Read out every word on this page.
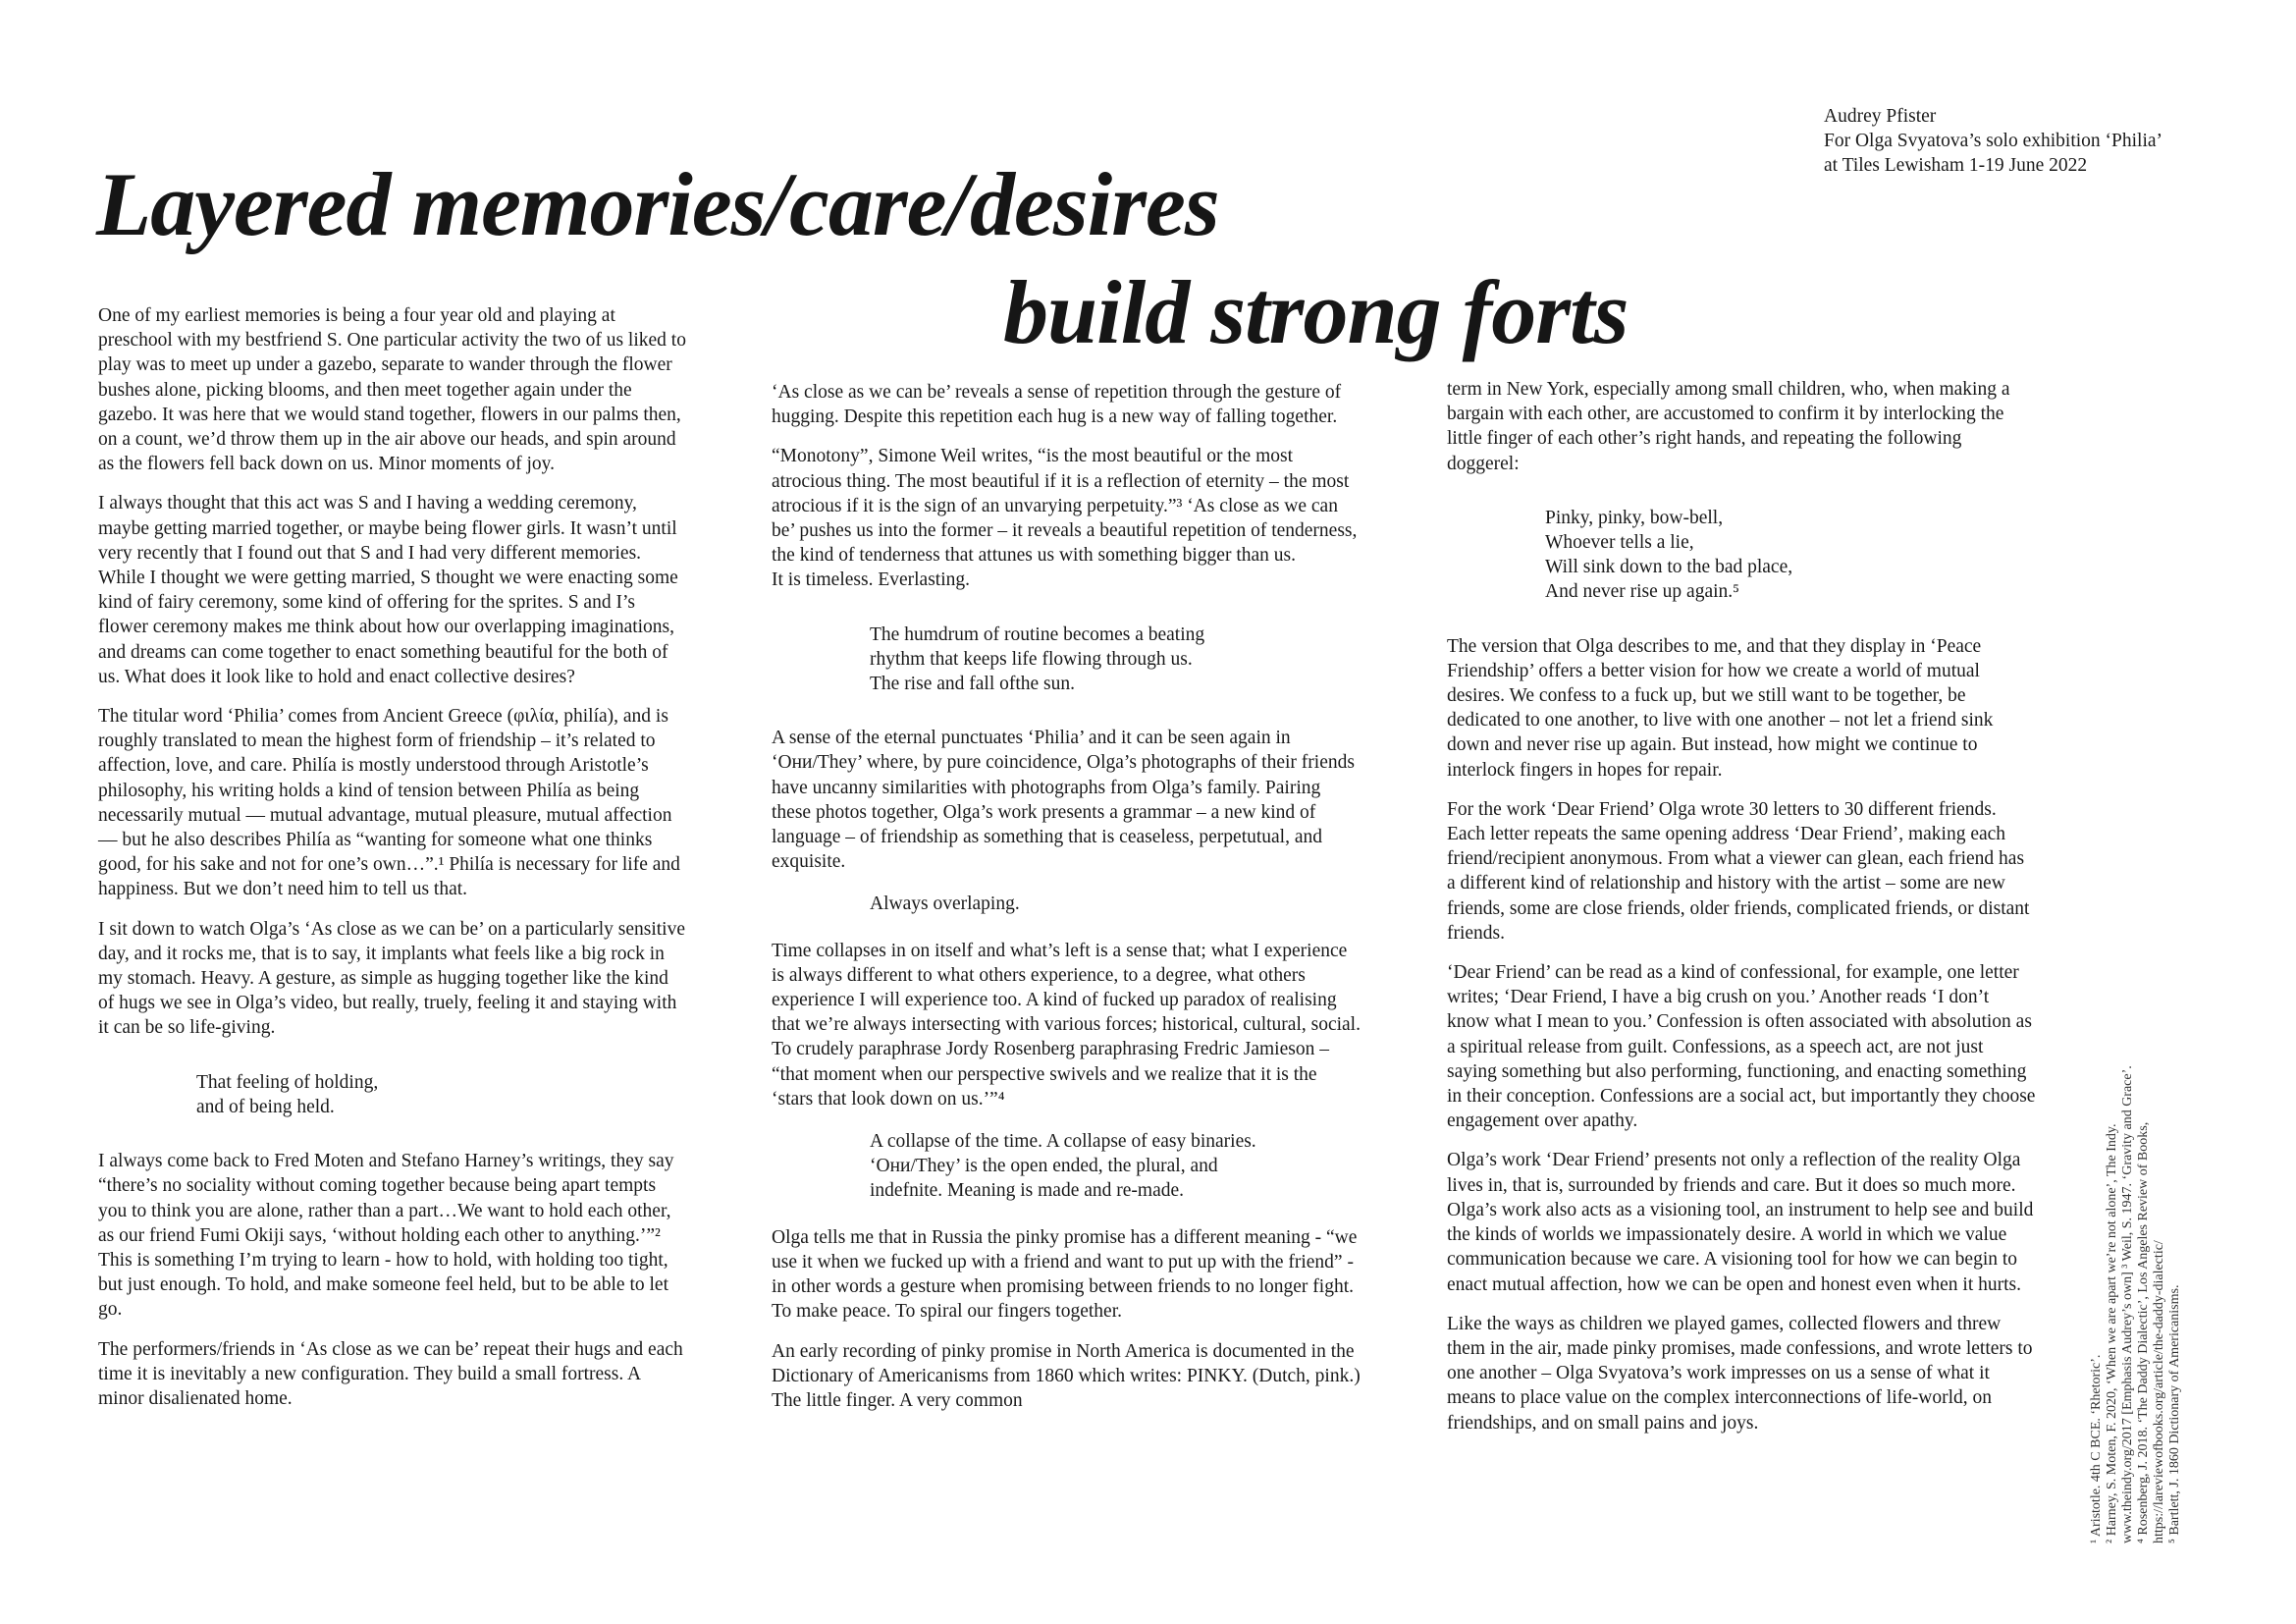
Layered memories/care/desires
build strong forts
Audrey Pfister
For Olga Svyatova’s solo exhibition ‘Philia’
at Tiles Lewisham 1-19 June 2022

One of my earliest memories is being a four year old and playing at preschool with my bestfriend S. One particular activity the two of us liked to play was to meet up under a gazebo, separate to wander through the flower bushes alone, picking blooms, and then meet together again under the gazebo. It was here that we would stand together, flowers in our palms then, on a count, we’d throw them up in the air above our heads, and spin around as the flowers fell back down on us. Minor moments of joy.

I always thought that this act was S and I having a wedding ceremony, maybe getting married together, or maybe being flower girls. It wasn’t until very recently that I found out that S and I had very different memories. While I thought we were getting married, S thought we were enacting some kind of fairy ceremony, some kind of offering for the sprites. S and I’s flower ceremony makes me think about how our overlapping imaginations, and dreams can come together to enact something beautiful for the both of us. What does it look like to hold and enact collective desires?

The titular word ‘Philia’ comes from Ancient Greece (φιλία, philía), and is roughly translated to mean the highest form of friendship – it’s related to affection, love, and care. Philía is mostly understood through Aristotle’s philosophy, his writing holds a kind of tension between Philía as being necessarily mutual — mutual advantage, mutual pleasure, mutual affection — but he also describes Philía as “wanting for someone what one thinks good, for his sake and not for one’s own…”.¹ Philía is necessary for life and happiness. But we don’t need him to tell us that.

I sit down to watch Olga’s ‘As close as we can be’ on a particularly sensitive day, and it rocks me, that is to say, it implants what feels like a big rock in my stomach. Heavy. A gesture, as simple as hugging together like the kind of hugs we see in Olga’s video, but really, truely, feeling it and staying with it can be so life-giving.

That feeling of holding,
and of being held.

I always come back to Fred Moten and Stefano Harney’s writings, they say “there’s no sociality without coming together because being apart tempts you to think you are alone, rather than a part…We want to hold each other, as our friend Fumi Okiji says, ‘without holding each other to anything.’”² This is something I’m trying to learn - how to hold, with holding too tight, but just enough. To hold, and make someone feel held, but to be able to let go.

The performers/friends in ‘As close as we can be’ repeat their hugs and each time it is inevitably a new configuration. They build a small fortress. A minor disalienated home.

‘As close as we can be’ reveals a sense of repetition through the gesture of hugging. Despite this repetition each hug is a new way of falling together.

“Monotony”, Simone Weil writes, “is the most beautiful or the most atrocious thing. The most beautiful if it is a reflection of eternity – the most atrocious if it is the sign of an unvarying perpetuity.”³ ‘As close as we can be’ pushes us into the former – it reveals a beautiful repetition of tenderness, the kind of tenderness that attunes us with something bigger than us.
It is timeless. Everlasting.

The humdrum of routine becomes a beating
rhythm that keeps life flowing through us.
The rise and fall ofthe sun.

A sense of the eternal punctuates ‘Philia’ and it can be seen again in ‘Они/They’ where, by pure coincidence, Olga’s photographs of their friends have uncanny similarities with photographs from Olga’s family. Pairing these photos together, Olga’s work presents a grammar – a new kind of language – of friendship as something that is ceaseless, perpetutual, and exquisite.

Always overlaping.

Time collapses in on itself and what’s left is a sense that; what I experience is always different to what others experience, to a degree, what others experience I will experience too. A kind of fucked up paradox of realising that we’re always intersecting with various forces; historical, cultural, social. To crudely paraphrase Jordy Rosenberg paraphrasing Fredric Jamieson – “that moment when our perspective swivels and we realize that it is the ‘stars that look down on us.’”⁴

A collapse of the time. A collapse of easy binaries.
‘Они/They’ is the open ended, the plural, and
indefnite. Meaning is made and re-made.

Olga tells me that in Russia the pinky promise has a different meaning - “we use it when we fucked up with a friend and want to put up with the friend” - in other words a gesture when promising between friends to no longer fight. To make peace. To spiral our fingers together.

An early recording of pinky promise in North America is documented in the Dictionary of Americanisms from 1860 which writes: PINKY. (Dutch, pink.) The little finger. A very common

term in New York, especially among small children, who, when making a bargain with each other, are accustomed to confirm it by interlocking the little finger of each other’s right hands, and repeating the following doggerel:

Pinky, pinky, bow-bell,
Whoever tells a lie,
Will sink down to the bad place,
And never rise up again.⁵

The version that Olga describes to me, and that they display in ‘Peace Friendship’ offers a better vision for how we create a world of mutual desires. We confess to a fuck up, but we still want to be together, be dedicated to one another, to live with one another – not let a friend sink down and never rise up again. But instead, how might we continue to interlock fingers in hopes for repair.

For the work ‘Dear Friend’ Olga wrote 30 letters to 30 different friends. Each letter repeats the same opening address ‘Dear Friend’, making each friend/recipient anonymous. From what a viewer can glean, each friend has a different kind of relationship and history with the artist – some are new friends, some are close friends, older friends, complicated friends, or distant friends.

‘Dear Friend’ can be read as a kind of confessional, for example, one letter writes; ‘Dear Friend, I have a big crush on you.’ Another reads ‘I don’t know what I mean to you.’ Confession is often associated with absolution as a spiritual release from guilt. Confessions, as a speech act, are not just saying something but also performing, functioning, and enacting something in their conception. Confessions are a social act, but importantly they choose engagement over apathy.

Olga’s work ‘Dear Friend’ presents not only a reflection of the reality Olga lives in, that is, surrounded by friends and care. But it does so much more. Olga’s work also acts as a visioning tool, an instrument to help see and build the kinds of worlds we impassionately desire. A world in which we value communication because we care. A visioning tool for how we can begin to enact mutual affection, how we can be open and honest even when it hurts.

Like the ways as children we played games, collected flowers and threw them in the air, made pinky promises, made confessions, and wrote letters to one another – Olga Svyatova’s work impresses on us a sense of what it means to place value on the complex interconnections of life-world, on friendships, and on small pains and joys.	¹ Aristotle. 4th C BCE. ‘Rhetoric’. ² Harney, S. Moten, F. 2020, ‘When we are apart we’re not alone’, The Indy. www.theindy.org/2017 [Emphasis Audrey’s own] ³ Weil, S. 1947. ‘Gravity and Grace’. ⁴ Rosenberg, J. 2018. ‘The Daddy Dialectic’, Los Angeles Review of Books, https://lareviewofbooks.org/article/the-daddy-dialectic/ ⁵ Bartlett, J. 1860 Dictionary of Americanisms.
